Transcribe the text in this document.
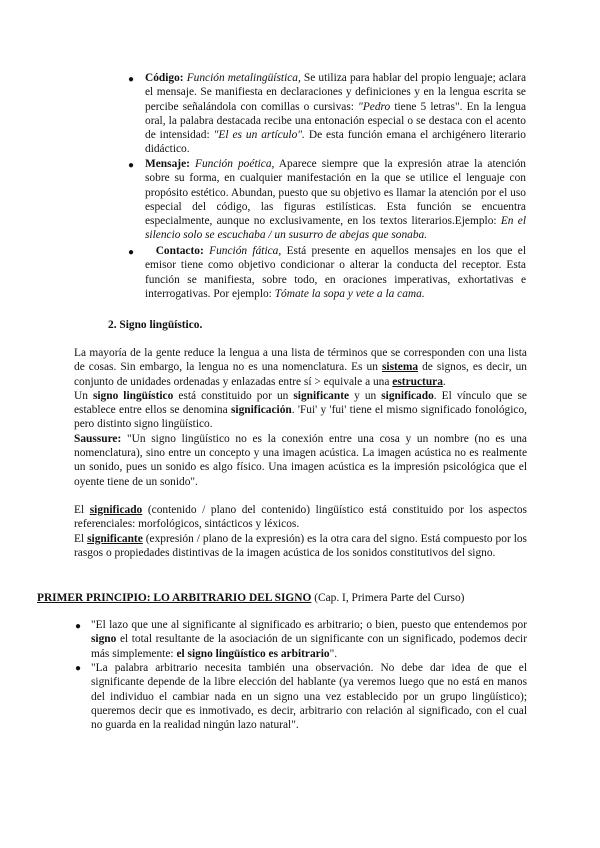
●
●
●

Código: Función metalingüística, Se utiliza para hablar del propio lenguaje; aclara el mensaje. Se manifiesta en declaraciones y definiciones y en la lengua escrita se percibe señalándola con comillas o cursivas: "Pedro tiene 5 letras". En la lengua oral, la palabra destacada recibe una entonación especial o se destaca con el acento de intensidad: "El es un artículo". De esta función emana el archigénero literario didáctico.

Mensaje: Función poética, Aparece siempre que la expresión atrae la atención sobre su forma, en cualquier manifestación en la que se utilice el lenguaje con propósito estético. Abundan, puesto que su objetivo es llamar la atención por el uso especial del código, las figuras estilísticas. Esta función se encuentra especialmente, aunque no exclusivamente, en los textos literarios.Ejemplo: En el silencio solo se escuchaba / un susurro de abejas que sonaba.

Contacto: Función fática, Está presente en aquellos mensajes en los que el emisor tiene como objetivo condicionar o alterar la conducta del receptor. Esta función se manifiesta, sobre todo, en oraciones imperativas, exhortativas e interrogativas. Por ejemplo: Tómate la sopa y vete a la cama.

2. Signo lingüístico.

La mayoría de la gente reduce la lengua a una lista de términos que se corresponden con una lista de cosas. Sin embargo, la lengua no es una nomenclatura. Es un sistema de signos, es decir, un conjunto de unidades ordenadas y enlazadas entre sí > equivale a una estructura.

Un signo lingüístico está constituido por un significante y un significado. El vínculo que se establece entre ellos se denomina significación. 'Fui' y 'fui' tiene el mismo significado fonológico, pero distinto signo lingüístico.

Saussure: "Un signo lingüístico no es la conexión entre una cosa y un nombre (no es una nomenclatura), sino entre un concepto y una imagen acústica. La imagen acústica no es realmente un sonido, pues un sonido es algo físico. Una imagen acústica es la impresión psicológica que el oyente tiene de un sonido".

El significado (contenido / plano del contenido) lingüístico está constituido por los aspectos referenciales: morfológicos, sintácticos y léxicos.

El significante (expresión / plano de la expresión) es la otra cara del signo. Está compuesto por los rasgos o propiedades distintivas de la imagen acústica de los sonidos constitutivos del signo.

PRIMER PRINCIPIO: LO ARBITRARIO DEL SIGNO (Cap. I, Primera Parte del Curso)
●
●

"El lazo que une al significante al significado es arbitrario; o bien, puesto que entendemos por signo el total resultante de la asociación de un significante con un significado, podemos decir más simplemente: el signo lingüístico es arbitrario".

"La palabra arbitrario necesita también una observación. No debe dar idea de que el significante depende de la libre elección del hablante (ya veremos luego que no está en manos del individuo el cambiar nada en un signo una vez establecido por un grupo lingüístico); queremos decir que es inmotivado, es decir, arbitrario con relación al significado, con el cual no guarda en la realidad ningún lazo natural".
